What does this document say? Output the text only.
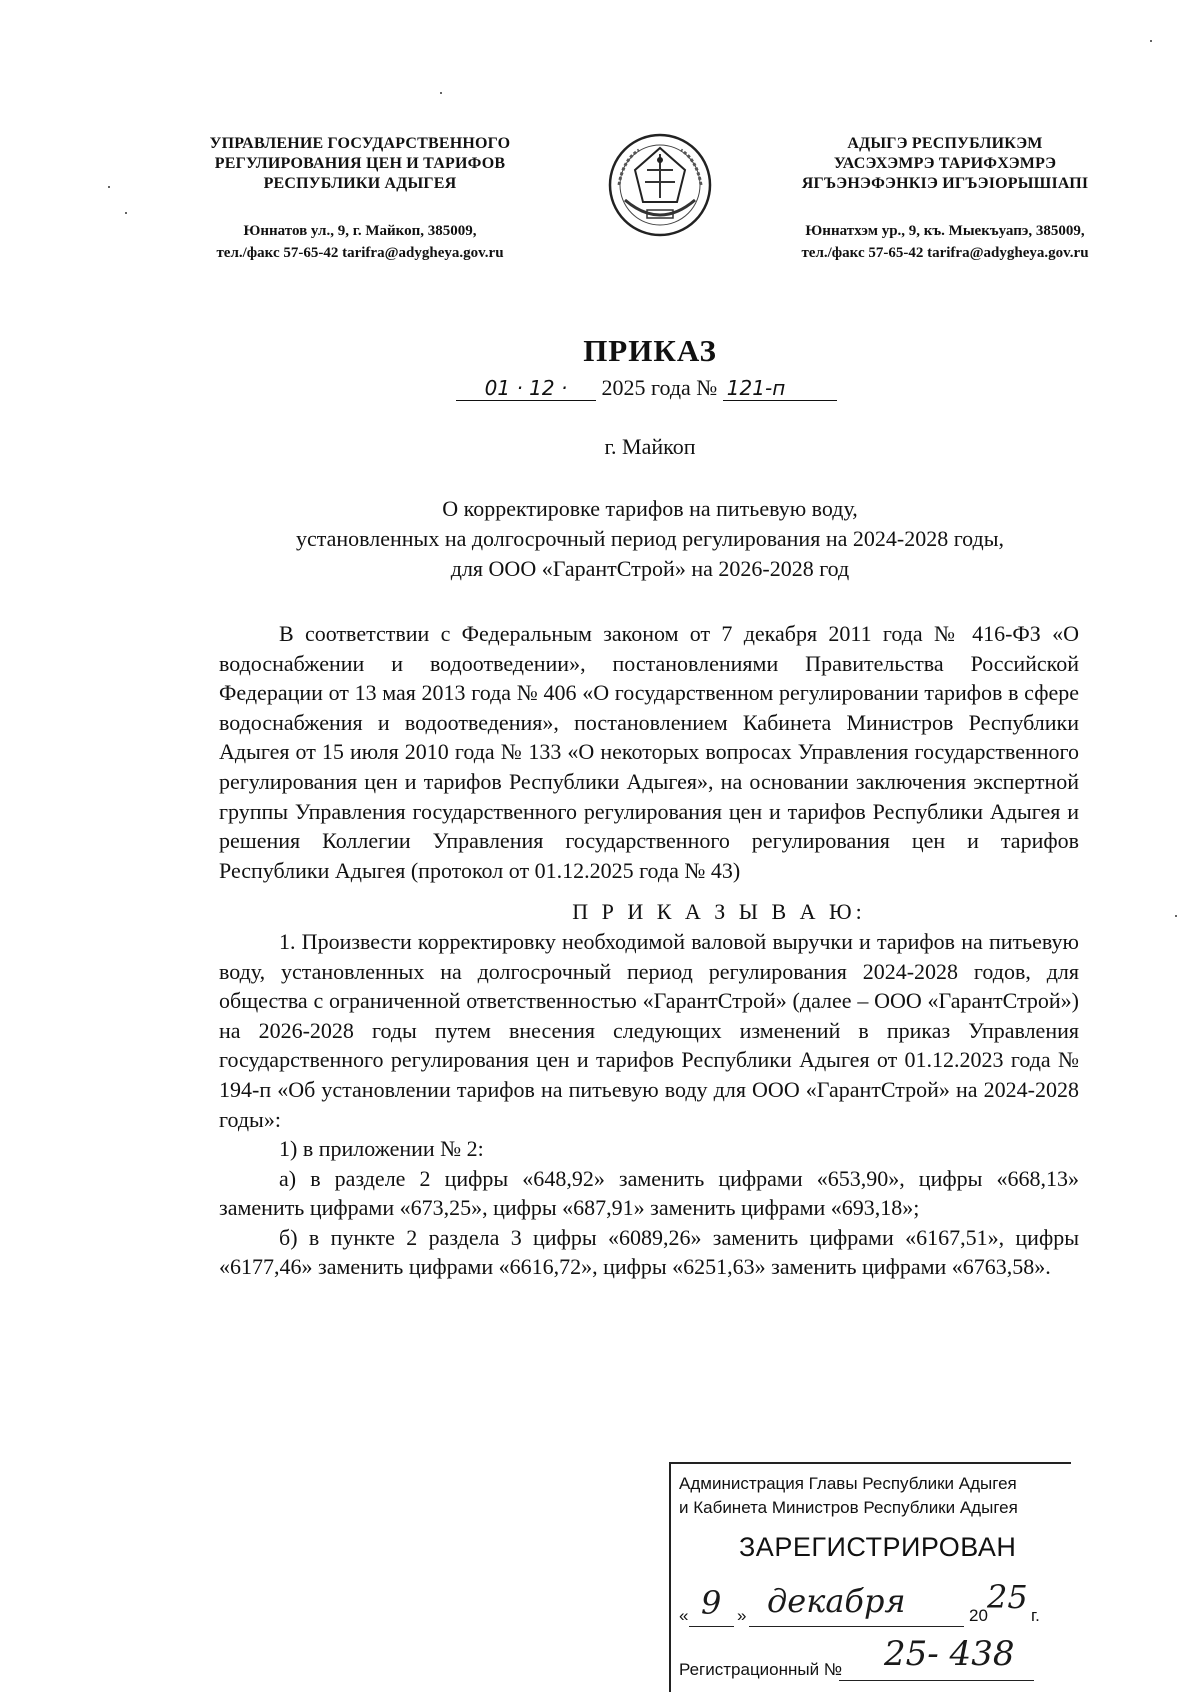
УПРАВЛЕНИЕ ГОСУДАРСТВЕННОГО
РЕГУЛИРОВАНИЯ ЦЕН И ТАРИФОВ
РЕСПУБЛИКИ АДЫГЕЯ
Юннатов ул., 9, г. Майкоп, 385009,
тел./факс 57-65-42 tarifra@adygheya.gov.ru
АДЫГЭ РЕСПУБЛИКЭМ
УАСЭХЭМРЭ ТАРИФХЭМРЭ
ЯГЪЭНЭФЭНКIЭ ИГЪЭIОРЫШIАПI
Юннатхэм ур., 9, къ. Мыекъуапэ, 385009,
тел./факс 57-65-42 tarifra@adygheya.gov.ru
ПРИКАЗ
01 · 12 · 2025 года № 121-п
г. Майкоп
О корректировке тарифов на питьевую воду,
установленных на долгосрочный период регулирования на 2024-2028 годы,
для ООО «ГарантСтрой» на 2026-2028 год

В соответствии с Федеральным законом от 7 декабря 2011 года № 416-ФЗ «О водоснабжении и водоотведении», постановлениями Правительства Российской Федерации от 13 мая 2013 года № 406 «О государственном регулировании тарифов в сфере водоснабжения и водоотведения», постановлением Кабинета Министров Республики Адыгея от 15 июля 2010 года № 133 «О некоторых вопросах Управления государственного регулирования цен и тарифов Республики Адыгея», на основании заключения экспертной группы Управления государственного регулирования цен и тарифов Республики Адыгея и решения Коллегии Управления государственного регулирования цен и тарифов Республики Адыгея (протокол от 01.12.2025 года № 43)

П Р И К А З Ы В А Ю:

1. Произвести корректировку необходимой валовой выручки и тарифов на питьевую воду, установленных на долгосрочный период регулирования 2024-2028 годов, для общества с ограниченной ответственностью «ГарантСтрой» (далее – ООО «ГарантСтрой») на 2026-2028 годы путем внесения следующих изменений в приказ Управления государственного регулирования цен и тарифов Республики Адыгея от 01.12.2023 года № 194-п «Об установлении тарифов на питьевую воду для ООО «ГарантСтрой» на 2024-2028 годы»:

1) в приложении № 2:

а) в разделе 2 цифры «648,92» заменить цифрами «653,90», цифры «668,13» заменить цифрами «673,25», цифры «687,91» заменить цифрами «693,18»;

б) в пункте 2 раздела 3 цифры «6089,26» заменить цифрами «6167,51», цифры «6177,46» заменить цифрами «6616,72», цифры «6251,63» заменить цифрами «6763,58».

Администрация Главы Республики Адыгея
и Кабинета Министров Республики Адыгея
ЗАРЕГИСТРИРОВАН
« 9 » декабря	20 25 г.
Регистрационный № 25- 438
